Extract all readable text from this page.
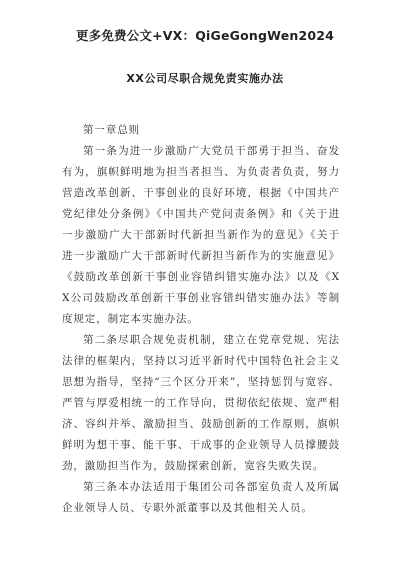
更多免费公文+VX：QiGeGongWen2024
XX公司尽职合规免责实施办法

第一章总则

第一条为进一步激励广大党员干部勇于担当、奋发有为，旗帜鲜明地为担当者担当、为负责者负责，努力营造改革创新、干事创业的良好环境，根据《中国共产党纪律处分条例》《中国共产党问责条例》和《关于进一步激励广大干部新时代新担当新作为的意见》《关于进一步激励广大干部新时代新担当新作为的实施意见》《鼓励改革创新干事创业容错纠错实施办法》以及《XX公司鼓励改革创新干事创业容错纠错实施办法》等制度规定，制定本实施办法。

第二条尽职合规免责机制，建立在党章党规、宪法法律的框架内，坚持以习近平新时代中国特色社会主义思想为指导，坚持“三个区分开来”，坚持惩罚与宽容、严管与厚爱相统一的工作导向，贯彻依纪依规、宽严相济、容纠并举、激励担当、鼓励创新的工作原则，旗帜鲜明为想干事、能干事、干成事的企业领导人员撑腰鼓劲，激励担当作为，鼓励探索创新，宽容失败失误。

第三条本办法适用于集团公司各部室负责人及所属企业领导人员、专职外派董事以及其他相关人员。
